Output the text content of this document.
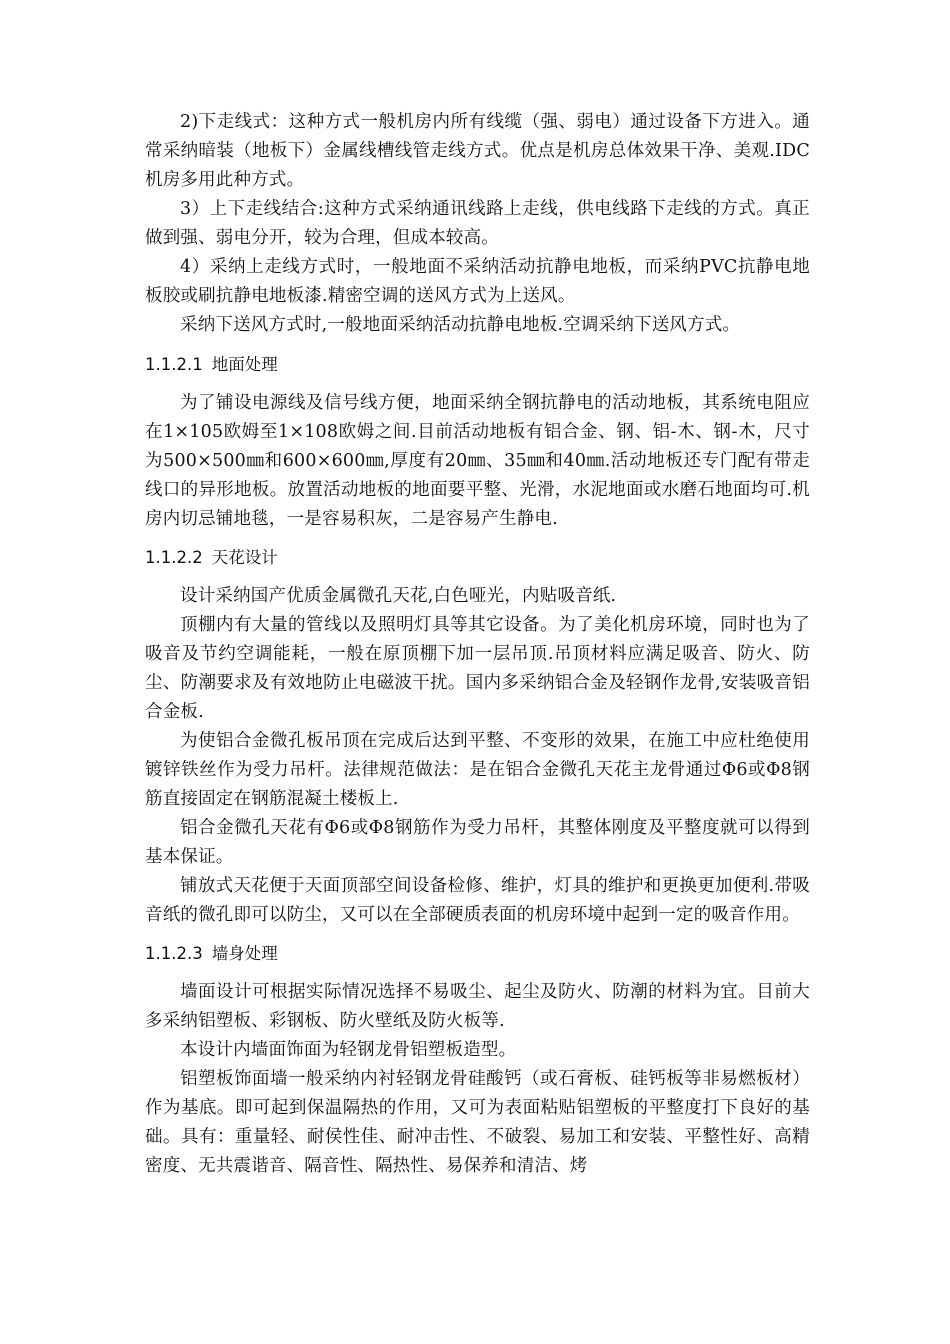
2)下走线式：这种方式一般机房内所有线缆（强、弱电）通过设备下方进入。通常采纳暗装（地板下）金属线槽线管走线方式。优点是机房总体效果干净、美观.IDC机房多用此种方式。

3）上下走线结合:这种方式采纳通讯线路上走线，供电线路下走线的方式。真正做到强、弱电分开，较为合理，但成本较高。

4）采纳上走线方式时，一般地面不采纳活动抗静电地板，而采纳PVC抗静电地板胶或刷抗静电地板漆.精密空调的送风方式为上送风。

采纳下送风方式时,一般地面采纳活动抗静电地板.空调采纳下送风方式。

1.1.2.1 地面处理

为了铺设电源线及信号线方便，地面采纳全钢抗静电的活动地板，其系统电阻应在1×105欧姆至1×108欧姆之间.目前活动地板有铝合金、钢、铝-木、钢-木，尺寸为500×500㎜和600×600㎜,厚度有20㎜、35㎜和40㎜.活动地板还专门配有带走线口的异形地板。放置活动地板的地面要平整、光滑，水泥地面或水磨石地面均可.机房内切忌铺地毯，一是容易积灰，二是容易产生静电.

1.1.2.2 天花设计

设计采纳国产优质金属微孔天花,白色哑光，内贴吸音纸.

顶棚内有大量的管线以及照明灯具等其它设备。为了美化机房环境，同时也为了吸音及节约空调能耗，一般在原顶棚下加一层吊顶.吊顶材料应满足吸音、防火、防尘、防潮要求及有效地防止电磁波干扰。国内多采纳铝合金及轻钢作龙骨,安装吸音铝合金板.

为使铝合金微孔板吊顶在完成后达到平整、不变形的效果，在施工中应杜绝使用镀锌铁丝作为受力吊杆。法律规范做法：是在铝合金微孔天花主龙骨通过Φ6或Φ8钢筋直接固定在钢筋混凝土楼板上.

铝合金微孔天花有Φ6或Φ8钢筋作为受力吊杆，其整体刚度及平整度就可以得到基本保证。

铺放式天花便于天面顶部空间设备检修、维护，灯具的维护和更换更加便利.带吸音纸的微孔即可以防尘，又可以在全部硬质表面的机房环境中起到一定的吸音作用。

1.1.2.3 墙身处理

墙面设计可根据实际情况选择不易吸尘、起尘及防火、防潮的材料为宜。目前大多采纳铝塑板、彩钢板、防火壁纸及防火板等.

本设计内墙面饰面为轻钢龙骨铝塑板造型。

铝塑板饰面墙一般采纳内衬轻钢龙骨硅酸钙（或石膏板、硅钙板等非易燃板材）作为基底。即可起到保温隔热的作用，又可为表面粘贴铝塑板的平整度打下良好的基础。具有：重量轻、耐侯性佳、耐冲击性、不破裂、易加工和安装、平整性好、高精密度、无共震谐音、隔音性、隔热性、易保养和清洁、烤
